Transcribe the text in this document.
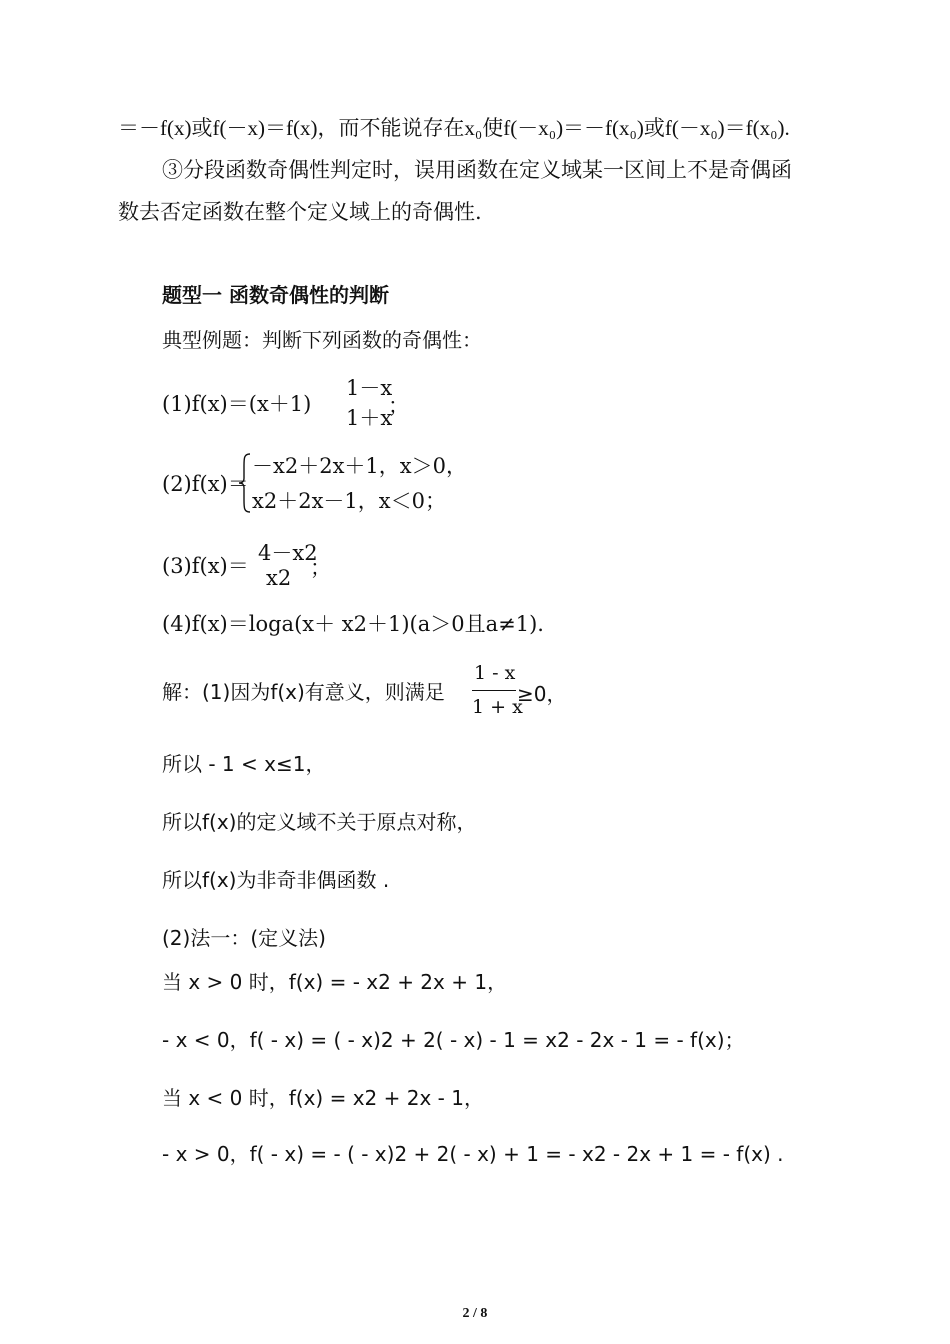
＝－f(x)或f(－x)＝f(x)，而不能说存在x₀使f(－x₀)＝－f(x₀)或f(－x₀)＝f(x₀).
③分段函数奇偶性判定时，误用函数在定义域某一区间上不是奇偶函
数去否定函数在整个定义域上的奇偶性.
题型一 函数奇偶性的判断
典型例题：判断下列函数的奇偶性：
(1)f(x)＝(x＋1)
1－x
1＋x
；
(2)f(x)＝
－x2＋2x＋1，x＞0，
x2＋2x－1，x＜0；
(3)f(x)＝
4－x2
x2 ；
(4)f(x)＝loga(x＋ x2＋1)(a＞0且a≠1).
解：(1)因为f(x)有意义，则满足
1 - x
1 + x
≥0，
所以 - 1 < x≤1，
所以f(x)的定义域不关于原点对称，
所以f(x)为非奇非偶函数 .
(2)法一：(定义法)
当 x > 0 时，f(x) = - x2 + 2x + 1，
- x < 0，f( - x) = ( - x)2 + 2( - x) - 1 = x2 - 2x - 1 = - f(x)；
当 x < 0 时，f(x) = x2 + 2x - 1，
- x > 0，f( - x) = - ( - x)2 + 2( - x) + 1 = - x2 - 2x + 1 = - f(x) .
2 / 8
